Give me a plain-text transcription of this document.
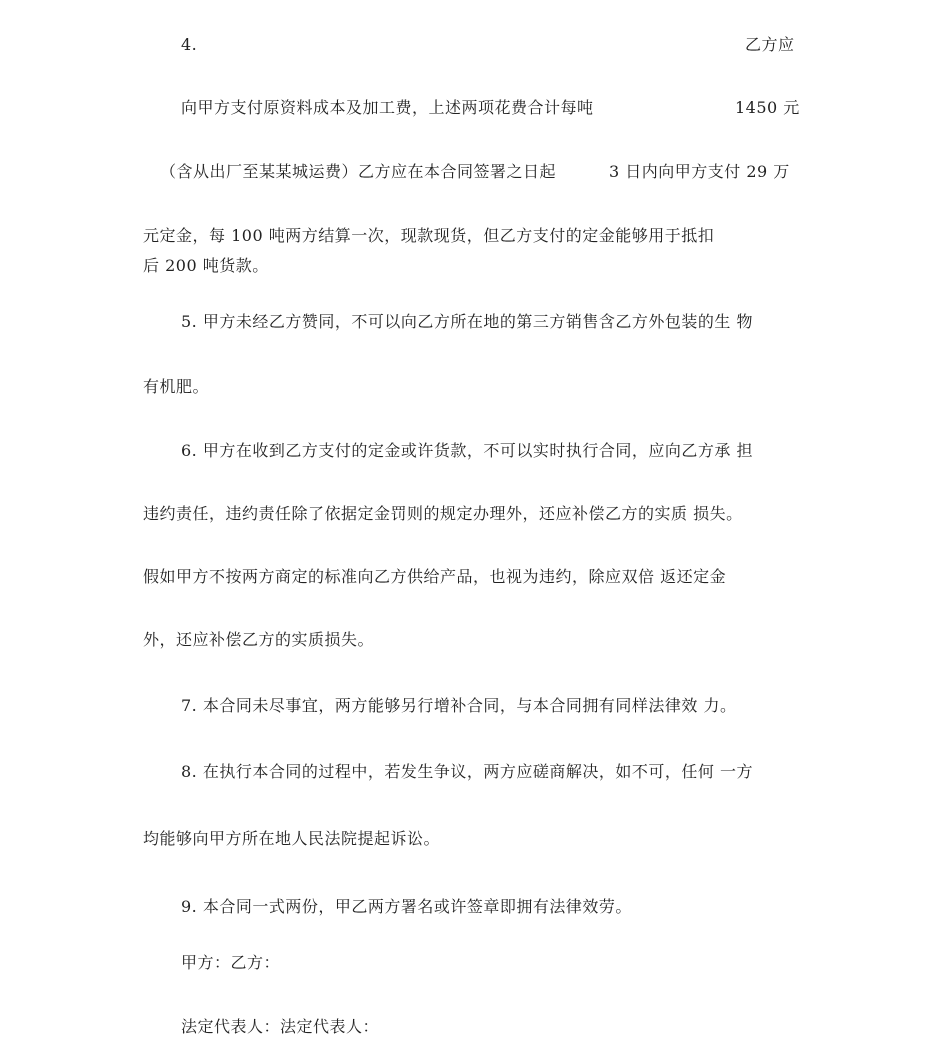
4.	乙方应
向甲方支付原资料成本及加工费，上述两项花费合计每吨	1450 元
（含从出厂至某某城运费）乙方应在本合同签署之日起	3 日内向甲方支付 29 万
元定金，每 100 吨两方结算一次，现款现货，但乙方支付的定金能够用于抵扣
后 200 吨货款。
5. 甲方未经乙方赞同，不可以向乙方所在地的第三方销售含乙方外包装的生 物
有机肥。
6. 甲方在收到乙方支付的定金或许货款，不可以实时执行合同，应向乙方承 担
违约责任，违约责任除了依据定金罚则的规定办理外，还应补偿乙方的实质 损失。
假如甲方不按两方商定的标准向乙方供给产品，也视为违约，除应双倍 返还定金
外，还应补偿乙方的实质损失。
7. 本合同未尽事宜，两方能够另行增补合同，与本合同拥有同样法律效 力。
8. 在执行本合同的过程中，若发生争议，两方应磋商解决，如不可，任何 一方
均能够向甲方所在地人民法院提起诉讼。
9. 本合同一式两份，甲乙两方署名或许签章即拥有法律效劳。
甲方：乙方：
法定代表人：法定代表人：
